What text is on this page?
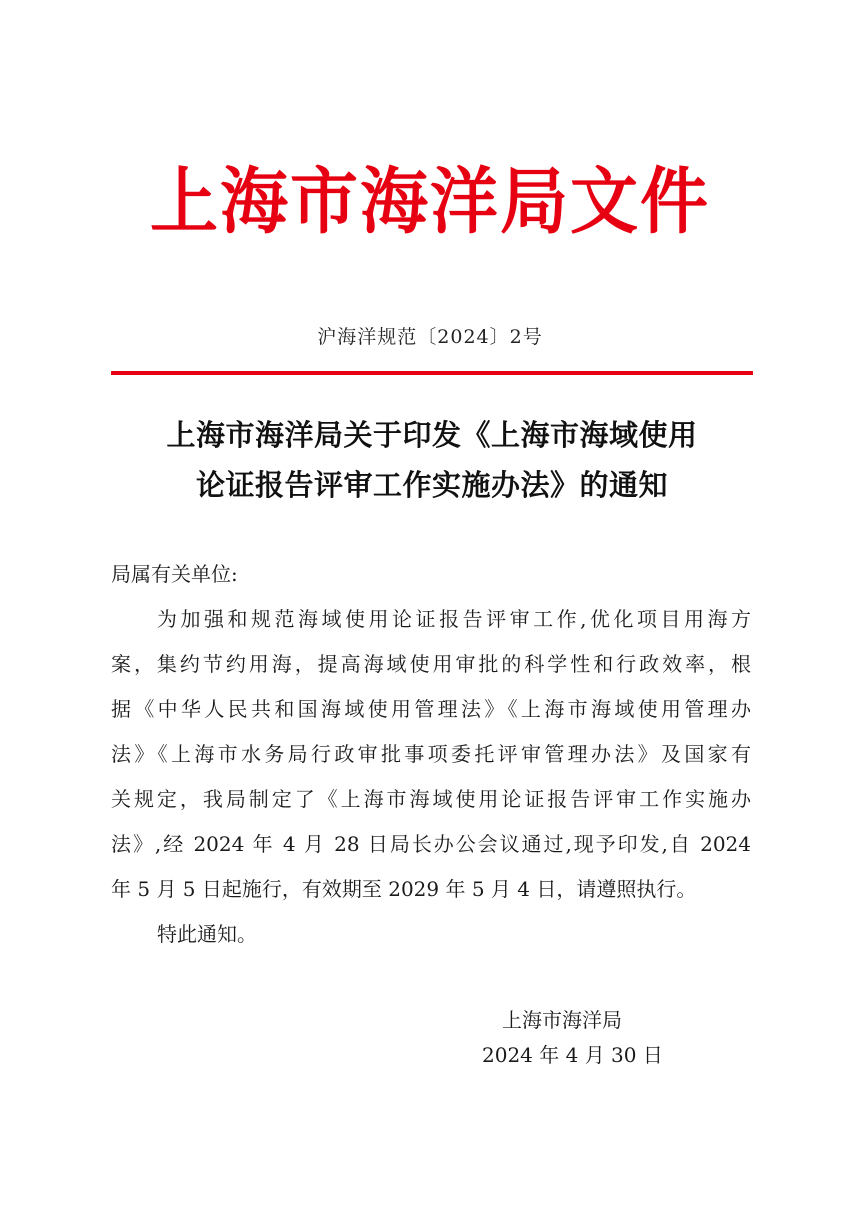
上海市海洋局文件
沪海洋规范〔2024〕2号
上海市海洋局关于印发《上海市海域使用
论证报告评审工作实施办法》的通知
局属有关单位:
为加强和规范海域使用论证报告评审工作,优化项目用海方
案，集约节约用海，提高海域使用审批的科学性和行政效率，根
据《中华人民共和国海域使用管理法》《上海市海域使用管理办
法》《上海市水务局行政审批事项委托评审管理办法》及国家有
关规定，我局制定了《上海市海域使用论证报告评审工作实施办
法》,经 2024 年 4 月 28 日局长办公会议通过,现予印发,自 2024
年 5 月 5 日起施行，有效期至 2029 年 5 月 4 日，请遵照执行。
特此通知。
上海市海洋局
2024 年 4 月 30 日
